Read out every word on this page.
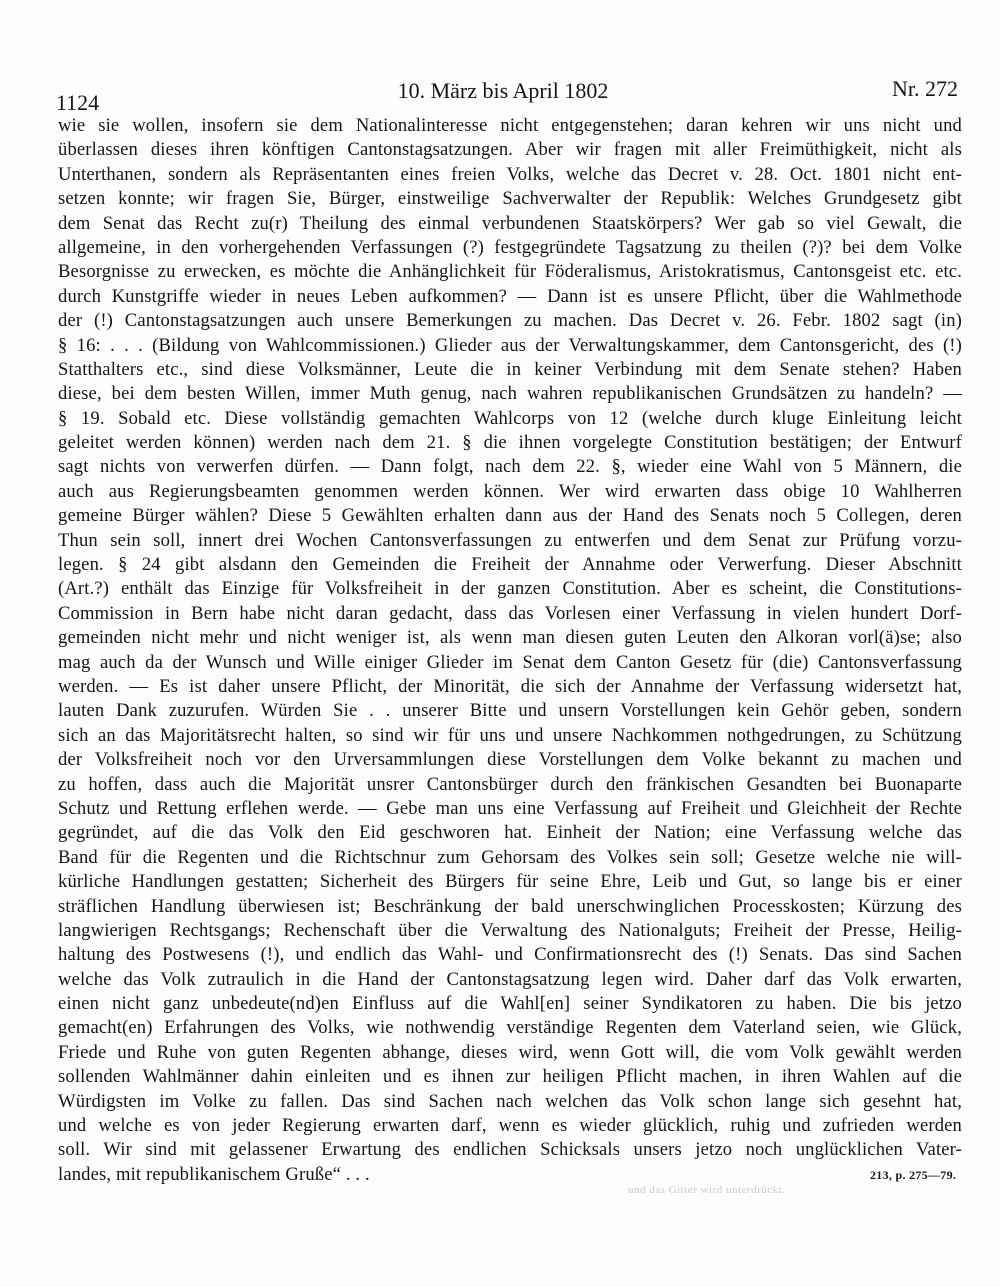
1124	10. März bis April 1802	Nr. 272

wie sie wollen, insofern sie dem Nationalinteresse nicht entgegenstehen; daran kehren wir uns nicht und
überlassen dieses ihren könftigen Cantonstagsatzungen. Aber wir fragen mit aller Freimüthigkeit, nicht als
Unterthanen, sondern als Repräsentanten eines freien Volks, welche das Decret v. 28. Oct. 1801 nicht ent-
setzen konnte; wir fragen Sie, Bürger, einstweilige Sachverwalter der Republik: Welches Grundgesetz gibt
dem Senat das Recht zu(r) Theilung des einmal verbundenen Staatskörpers? Wer gab so viel Gewalt, die
allgemeine, in den vorhergehenden Verfassungen (?) festgegründete Tagsatzung zu theilen (?)? bei dem Volke
Besorgnisse zu erwecken, es möchte die Anhänglichkeit für Föderalismus, Aristokratismus, Cantonsgeist etc. etc.
durch Kunstgriffe wieder in neues Leben aufkommen? — Dann ist es unsere Pflicht, über die Wahlmethode
der (!) Cantonstagsatzungen auch unsere Bemerkungen zu machen. Das Decret v. 26. Febr. 1802 sagt (in)
§ 16: . . . (Bildung von Wahlcommissionen.) Glieder aus der Verwaltungskammer, dem Cantonsgericht, des (!)
Statthalters etc., sind diese Volksmänner, Leute die in keiner Verbindung mit dem Senate stehen? Haben
diese, bei dem besten Willen, immer Muth genug, nach wahren republikanischen Grundsätzen zu handeln? —
§ 19. Sobald etc. Diese vollständig gemachten Wahlcorps von 12 (welche durch kluge Einleitung leicht
geleitet werden können) werden nach dem 21. § die ihnen vorgelegte Constitution bestätigen; der Entwurf
sagt nichts von verwerfen dürfen. — Dann folgt, nach dem 22. §, wieder eine Wahl von 5 Männern, die
auch aus Regierungsbeamten genommen werden können. Wer wird erwarten dass obige 10 Wahlherren
gemeine Bürger wählen? Diese 5 Gewählten erhalten dann aus der Hand des Senats noch 5 Collegen, deren
Thun sein soll, innert drei Wochen Cantonsverfassungen zu entwerfen und dem Senat zur Prüfung vorzu-
legen. § 24 gibt alsdann den Gemeinden die Freiheit der Annahme oder Verwerfung. Dieser Abschnitt
(Art.?) enthält das Einzige für Volksfreiheit in der ganzen Constitution. Aber es scheint, die Constitutions-
Commission in Bern habe nicht daran gedacht, dass das Vorlesen einer Verfassung in vielen hundert Dorf-
gemeinden nicht mehr und nicht weniger ist, als wenn man diesen guten Leuten den Alkoran vorl(ä)se; also
mag auch da der Wunsch und Wille einiger Glieder im Senat dem Canton Gesetz für (die) Cantonsverfassung
werden. — Es ist daher unsere Pflicht, der Minorität, die sich der Annahme der Verfassung widersetzt hat,
lauten Dank zuzurufen. Würden Sie . . unserer Bitte und unsern Vorstellungen kein Gehör geben, sondern
sich an das Majoritätsrecht halten, so sind wir für uns und unsere Nachkommen nothgedrungen, zu Schützung
der Volksfreiheit noch vor den Urversammlungen diese Vorstellungen dem Volke bekannt zu machen und
zu hoffen, dass auch die Majorität unsrer Cantonsbürger durch den fränkischen Gesandten bei Buonaparte
Schutz und Rettung erflehen werde. — Gebe man uns eine Verfassung auf Freiheit und Gleichheit der Rechte
gegründet, auf die das Volk den Eid geschworen hat. Einheit der Nation; eine Verfassung welche das
Band für die Regenten und die Richtschnur zum Gehorsam des Volkes sein soll; Gesetze welche nie will-
kürliche Handlungen gestatten; Sicherheit des Bürgers für seine Ehre, Leib und Gut, so lange bis er einer
sträflichen Handlung überwiesen ist; Beschränkung der bald unerschwinglichen Processkosten; Kürzung des
langwierigen Rechtsgangs; Rechenschaft über die Verwaltung des Nationalguts; Freiheit der Presse, Heilig-
haltung des Postwesens (!), und endlich das Wahl- und Confirmationsrecht des (!) Senats. Das sind Sachen
welche das Volk zutraulich in die Hand der Cantonstagsatzung legen wird. Daher darf das Volk erwarten,
einen nicht ganz unbedeute(nd)en Einfluss auf die Wahl[en] seiner Syndikatoren zu haben. Die bis jetzo
gemacht(en) Erfahrungen des Volks, wie nothwendig verständige Regenten dem Vaterland seien, wie Glück,
Friede und Ruhe von guten Regenten abhange, dieses wird, wenn Gott will, die vom Volk gewählt werden
sollenden Wahlmänner dahin einleiten und es ihnen zur heiligen Pflicht machen, in ihren Wahlen auf die
Würdigsten im Volke zu fallen. Das sind Sachen nach welchen das Volk schon lange sich gesehnt hat,
und welche es von jeder Regierung erwarten darf, wenn es wieder glücklich, ruhig und zufrieden werden
soll. Wir sind mit gelassener Erwartung des endlichen Schicksals unsers jetzo noch unglücklichen Vater-
landes, mit republikanischem Gruße“ . . .

und das Gitter wird unterdrückt.
213, p. 275—79.
